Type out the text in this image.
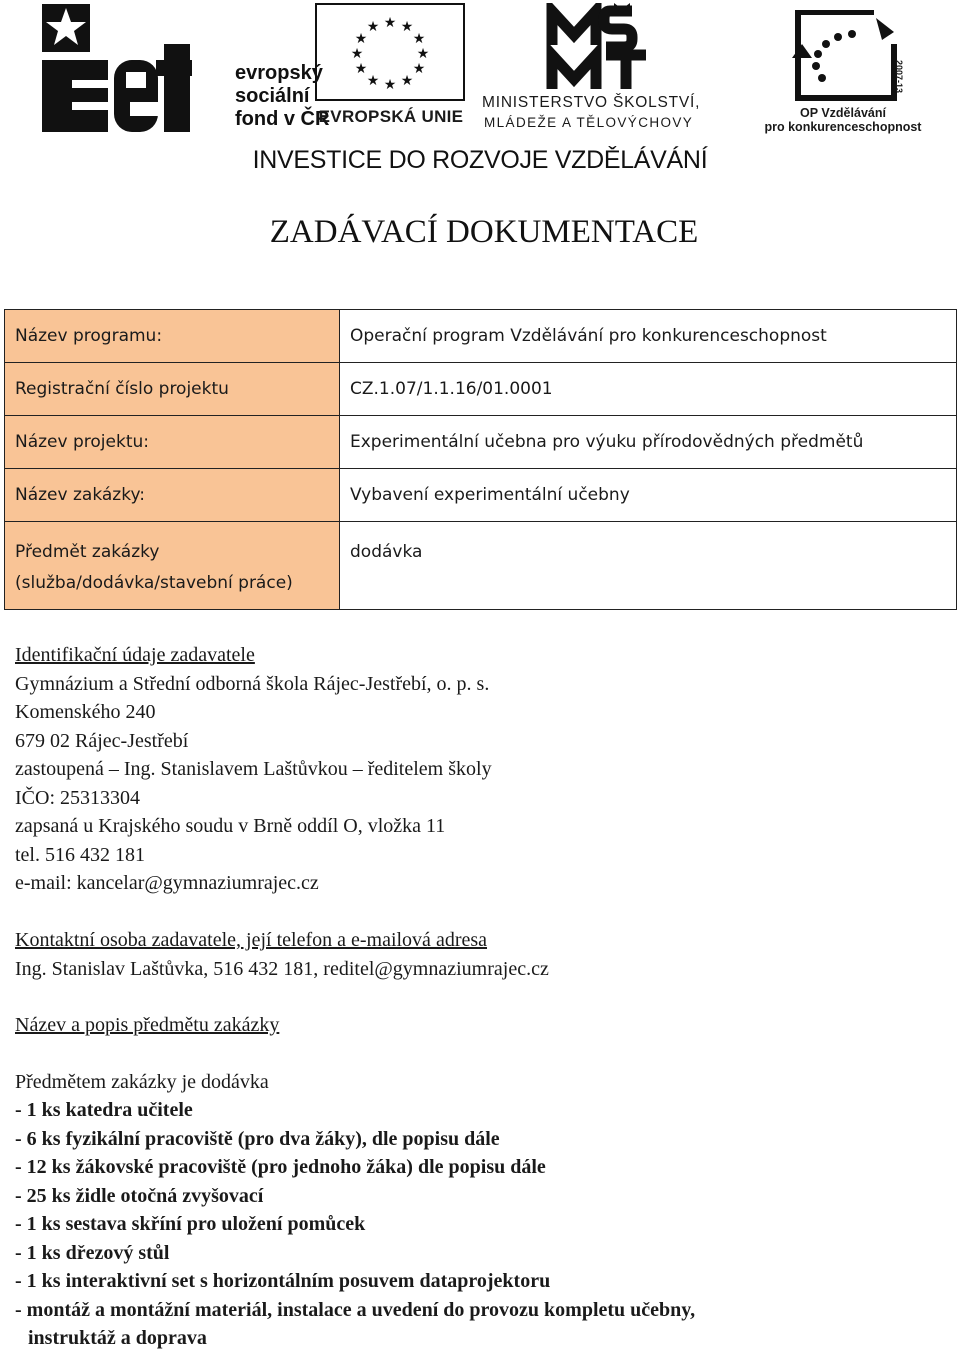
evropský
sociální
fond v ČR
★ ★
★
★
★
★
★
★
★
★
★
★
EVROPSKÁ UNIE
MINISTERSTVO ŠKOLSTVÍ,
MLÁDEŽE A TĚLOVÝCHOVY
2007-13
OP Vzdělávání
pro konkurenceschopnost
INVESTICE DO ROZVOJE VZDĚLÁVÁNÍ
ZADÁVACÍ DOKUMENTACE
Název programu:	Operační program Vzdělávání pro konkurenceschopnost
Registrační číslo projektu	CZ.1.07/1.1.16/01.0001
Název projektu:	Experimentální učebna pro výuku přírodovědných předmětů
Název zakázky:	Vybavení experimentální učebny

Předmět zakázky
(služba/dodávka/stavební práce)	dodávka
Identifikační údaje zadavatele
Gymnázium a Střední odborná škola Rájec-Jestřebí, o. p. s.
Komenského 240
679 02 Rájec-Jestřebí
zastoupená – Ing. Stanislavem Laštůvkou – ředitelem školy
IČO: 25313304
zapsaná u Krajského soudu v Brně oddíl O, vložka 11
tel. 516 432 181
e-mail: kancelar@gymnaziumrajec.cz
Kontaktní osoba zadavatele, její telefon a e-mailová adresa
Ing. Stanislav Laštůvka, 516 432 181, reditel@gymnaziumrajec.cz
Název a popis předmětu zakázky
Předmětem zakázky je dodávka
- 1 ks katedra učitele
- 6 ks fyzikální pracoviště (pro dva žáky), dle popisu dále
- 12 ks žákovské pracoviště (pro jednoho žáka) dle popisu dále
- 25 ks židle otočná zvyšovací
- 1 ks sestava skříní pro uložení pomůcek
- 1 ks dřezový stůl
- 1 ks interaktivní set s horizontálním posuvem dataprojektoru
- montáž a montážní materiál, instalace a uvedení do provozu kompletu učebny,
instruktáž a doprava
